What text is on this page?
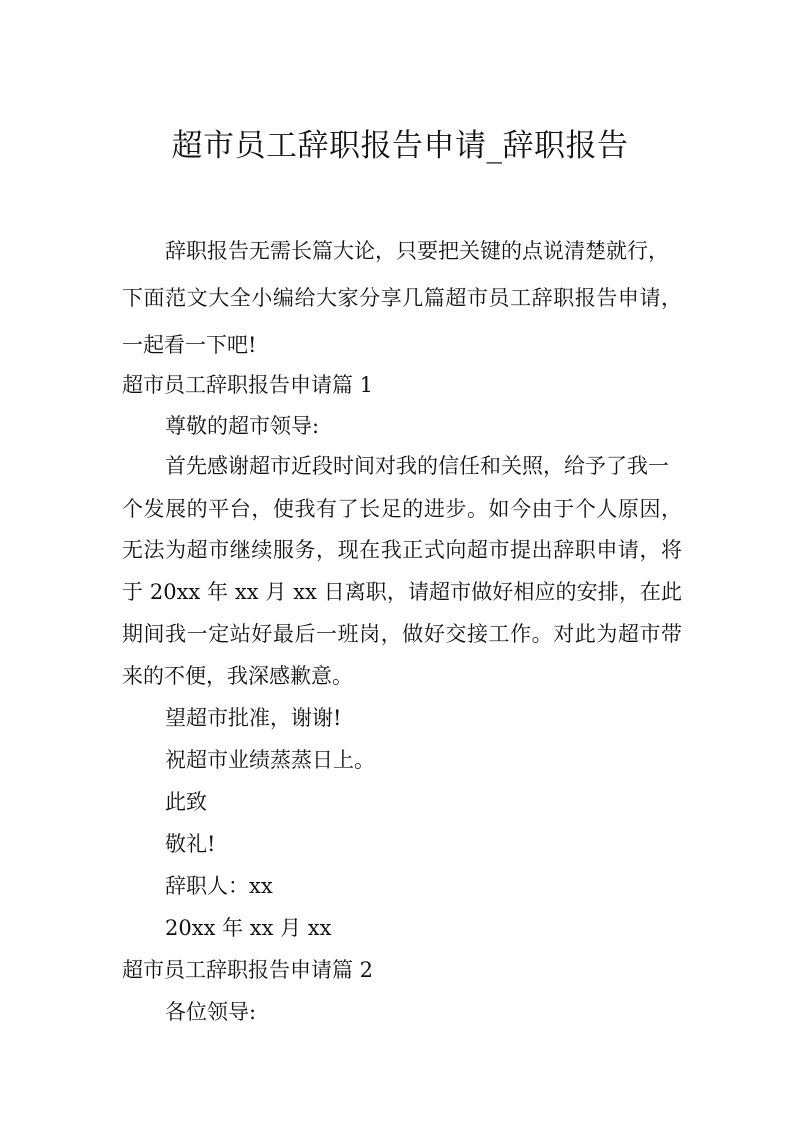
超市员工辞职报告申请_辞职报告
辞职报告无需长篇大论，只要把关键的点说清楚就行，
下面范文大全小编给大家分享几篇超市员工辞职报告申请，
一起看一下吧!
超市员工辞职报告申请篇 1
尊敬的超市领导:
首先感谢超市近段时间对我的信任和关照，给予了我一
个发展的平台，使我有了长足的进步。如今由于个人原因，
无法为超市继续服务，现在我正式向超市提出辞职申请，将
于 20xx 年 xx 月 xx 日离职，请超市做好相应的安排，在此
期间我一定站好最后一班岗，做好交接工作。对此为超市带
来的不便，我深感歉意。
望超市批准，谢谢!
祝超市业绩蒸蒸日上。
此致
敬礼!
辞职人：xx
20xx 年 xx 月 xx
超市员工辞职报告申请篇 2
各位领导:
